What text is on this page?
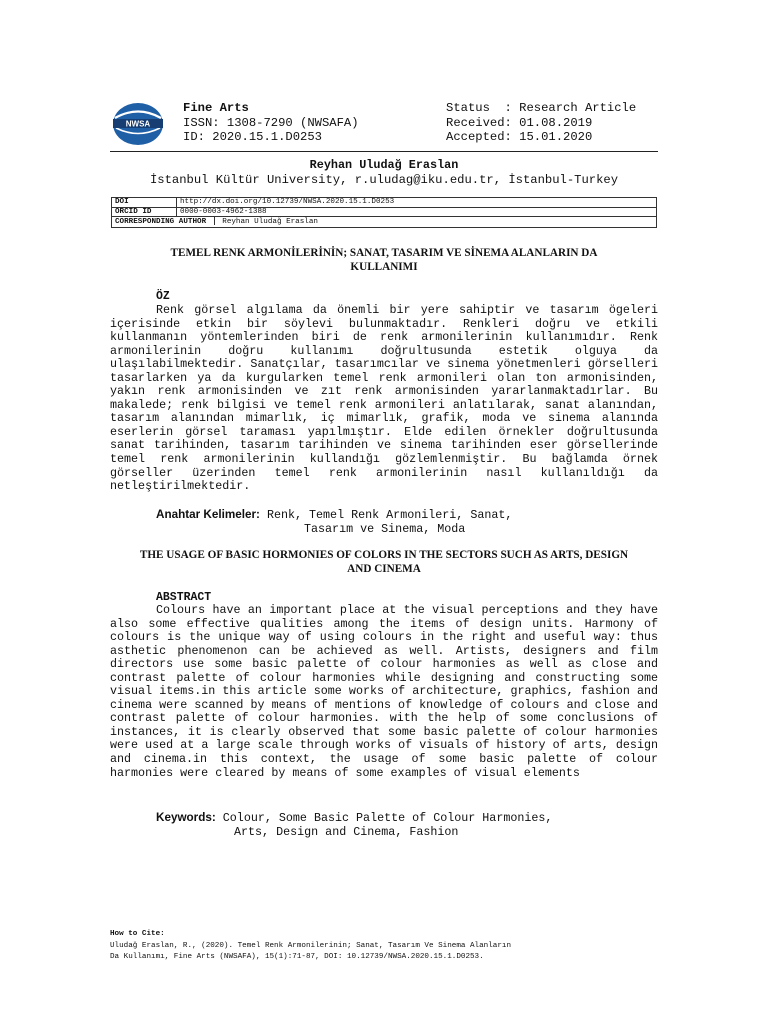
NWSA
Fine Arts
ISSN: 1308-7290 (NWSAFA)
ID: 2020.15.1.D0253
Status  : Research Article
Received: 01.08.2019
Accepted: 15.01.2020
Reyhan Uludağ Eraslan
İstanbul Kültür University, r.uludag@iku.edu.tr, İstanbul-Turkey
DOI	http://dx.doi.org/10.12739/NWSA.2020.15.1.D0253
ORCID ID	0000-0003-4962-1388
CORRESPONDING AUTHOR Reyhan Uludağ Eraslan	
TEMEL RENK ARMONİLERİNİN; SANAT, TASARIM VE SİNEMA ALANLARIN DA
KULLANIMI
ÖZ
Renk görsel algılama da önemli bir yere sahiptir ve tasarım ögeleri içerisinde etkin bir söylevi bulunmaktadır. Renkleri doğru ve etkili kullanmanın yöntemlerinden biri de renk armonilerinin kullanımıdır. Renk armonilerinin doğru kullanımı doğrultusunda estetik olguya da ulaşılabilmektedir. Sanatçılar, tasarımcılar ve sinema yönetmenleri görselleri tasarlarken ya da kurgularken temel renk armonileri olan ton armonisinden, yakın renk armonisinden ve zıt renk armonisinden yararlanmaktadırlar. Bu makalede; renk bilgisi ve temel renk armonileri anlatılarak, sanat alanından, tasarım alanından mimarlık, iç mimarlık, grafik, moda ve sinema alanında eserlerin görsel taraması yapılmıştır. Elde edilen örnekler doğrultusunda sanat tarihinden, tasarım tarihinden ve sinema tarihinden eser görsellerinde temel renk armonilerinin kullandığı gözlemlenmiştir. Bu bağlamda örnek görseller üzerinden temel renk armonilerinin nasıl kullanıldığı da netleştirilmektedir.
Anahtar Kelimeler: Renk, Temel Renk Armonileri, Sanat,
Tasarım ve Sinema, Moda
THE USAGE OF BASIC HORMONIES OF COLORS IN THE SECTORS SUCH AS ARTS, DESIGN
AND CINEMA
ABSTRACT
Colours have an important place at the visual perceptions and they have also some effective qualities among the items of design units. Harmony of colours is the unique way of using colours in the right and useful way: thus asthetic phenomenon can be achieved as well. Artists, designers and film directors use some basic palette of colour harmonies as well as close and contrast palette of colour harmonies while designing and constructing some visual items.in this article some works of architecture, graphics, fashion and cinema were scanned by means of mentions of knowledge of colours and close and contrast palette of colour harmonies. with the help of some conclusions of instances, it is clearly observed that some basic palette of colour harmonies were used at a large scale through works of visuals of history of arts, design and cinema.in this context, the usage of some basic palette of colour harmonies were cleared by means of some examples of visual elements
Keywords: Colour, Some Basic Palette of Colour Harmonies,
Arts, Design and Cinema, Fashion
How to Cite:
Uludağ Eraslan, R., (2020). Temel Renk Armonilerinin; Sanat, Tasarım Ve Sinema Alanların
Da Kullanımı, Fine Arts (NWSAFA), 15(1):71-87, DOI: 10.12739/NWSA.2020.15.1.D0253.
